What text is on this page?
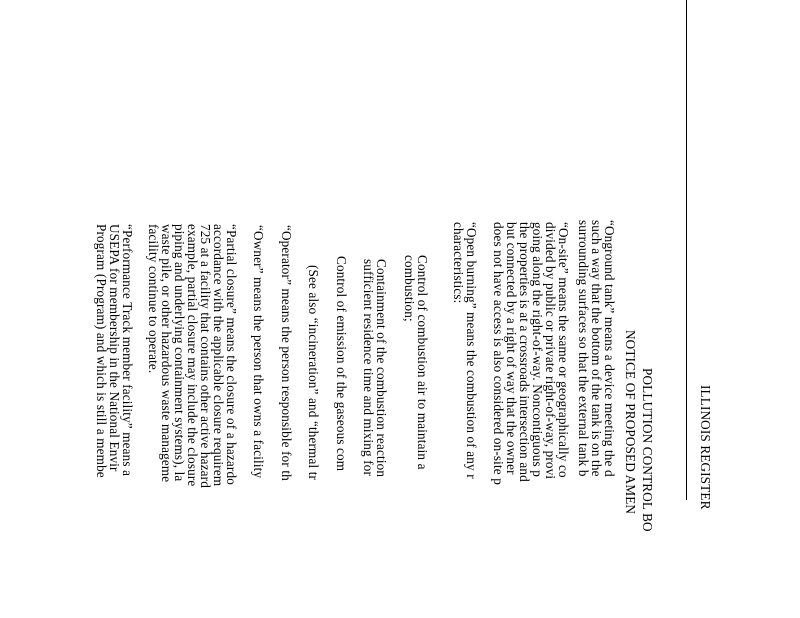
ILLINOIS REGISTER
POLLUTION CONTROL BO
NOTICE OF PROPOSED AMEN
“Onground tank” means a device meeting the d
such a way that the bottom of the tank is on the
surrounding surfaces so that the external tank b
“On-site” means the same or geographically co
divided by public or private right-of-way, provi
going along the right-of-way. Noncontiguous p
the properties is at a crossroads intersection and
but connected by a right of way that the owner
does not have access is also considered on-site p
“Open burning” means the combustion of any r
characteristics:
Control of combustion air to maintain a
combustion;
Containment of the combustion reaction
sufficient residence time and mixing for
Control of emission of the gaseous com
(See also “incineration” and “thermal tr
“Operator” means the person responsible for th
“Owner” means the person that owns a facility
“Partial closure” means the closure of a hazardo
accordance with the applicable closure requirem
725 at a facility that contains other active hazard
example, partial closure may include the closure
piping and underlying containment systems), la
waste pile, or other hazardous waste manageme
facility continue to operate.
“Performance Track member facility” means a
USEPA for membership in the National Envir
Program (Program) and which is still a membe
